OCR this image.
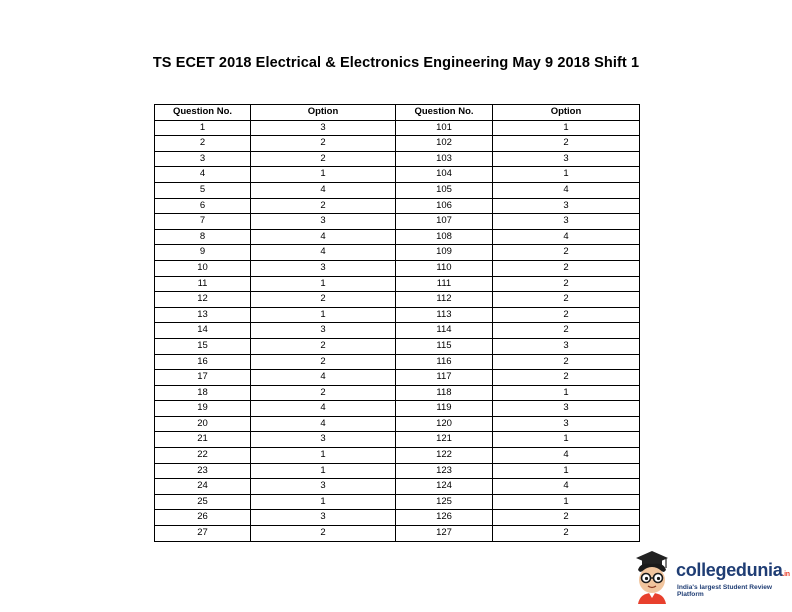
TS ECET 2018 Electrical & Electronics Engineering May 9 2018 Shift 1
Question No.	Option	Question No.	Option
1	3	101	1
2	2	102	2
3	2	103	3
4	1	104	1
5	4	105	4
6	2	106	3
7	3	107	3
8	4	108	4
9	4	109	2
10	3	110	2
11	1	111	2
12	2	112	2
13	1	113	2
14	3	114	2
15	2	115	3
16	2	116	2
17	4	117	2
18	2	118	1
19	4	119	3
20	4	120	3
21	3	121	1
22	1	122	4
23	1	123	1
24	3	124	4
25	1	125	1
26	3	126	2
27	2	127	2
collegedunia.in
India's largest Student Review Platform
